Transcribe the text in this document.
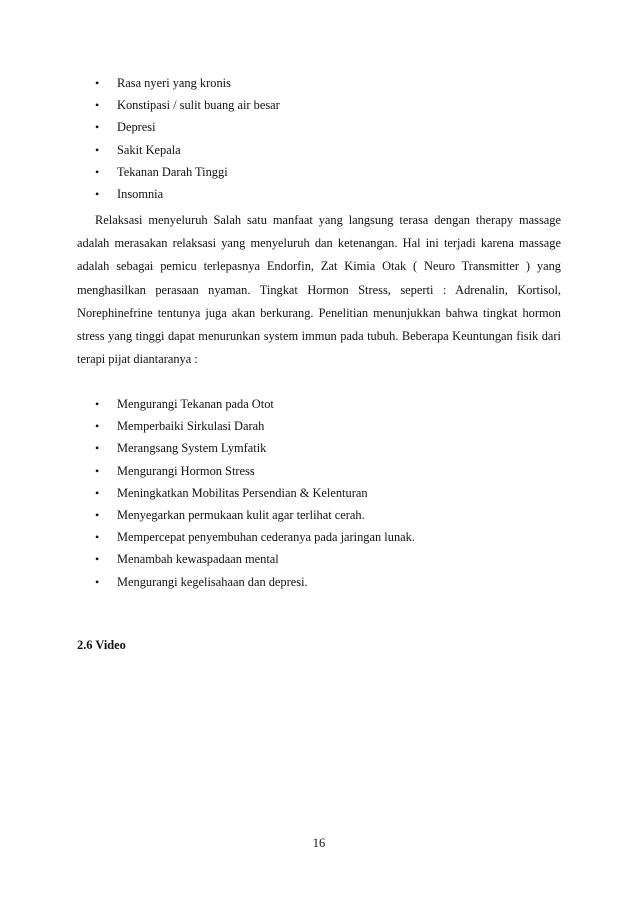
• Rasa nyeri yang kronis
• Konstipasi / sulit buang air besar
• Depresi
• Sakit Kepala
• Tekanan Darah Tinggi
• Insomnia

Relaksasi menyeluruh Salah satu manfaat yang langsung terasa dengan therapy massage adalah merasakan relaksasi yang menyeluruh dan ketenangan. Hal ini terjadi karena massage adalah sebagai pemicu terlepasnya Endorfin, Zat Kimia Otak ( Neuro Transmitter ) yang menghasilkan perasaan nyaman. Tingkat Hormon Stress, seperti : Adrenalin, Kortisol, Norephinefrine tentunya juga akan berkurang. Penelitian menunjukkan bahwa tingkat hormon stress yang tinggi dapat menurunkan system immun pada tubuh. Beberapa Keuntungan fisik dari terapi pijat diantaranya :

• Mengurangi Tekanan pada Otot
• Memperbaiki Sirkulasi Darah
• Merangsang System Lymfatik
• Mengurangi Hormon Stress
• Meningkatkan Mobilitas Persendian & Kelenturan
• Menyegarkan permukaan kulit agar terlihat cerah.
• Mempercepat penyembuhan cederanya pada jaringan lunak.
• Menambah kewaspadaan mental
• Mengurangi kegelisahaan dan depresi.
2.6 Video
16
